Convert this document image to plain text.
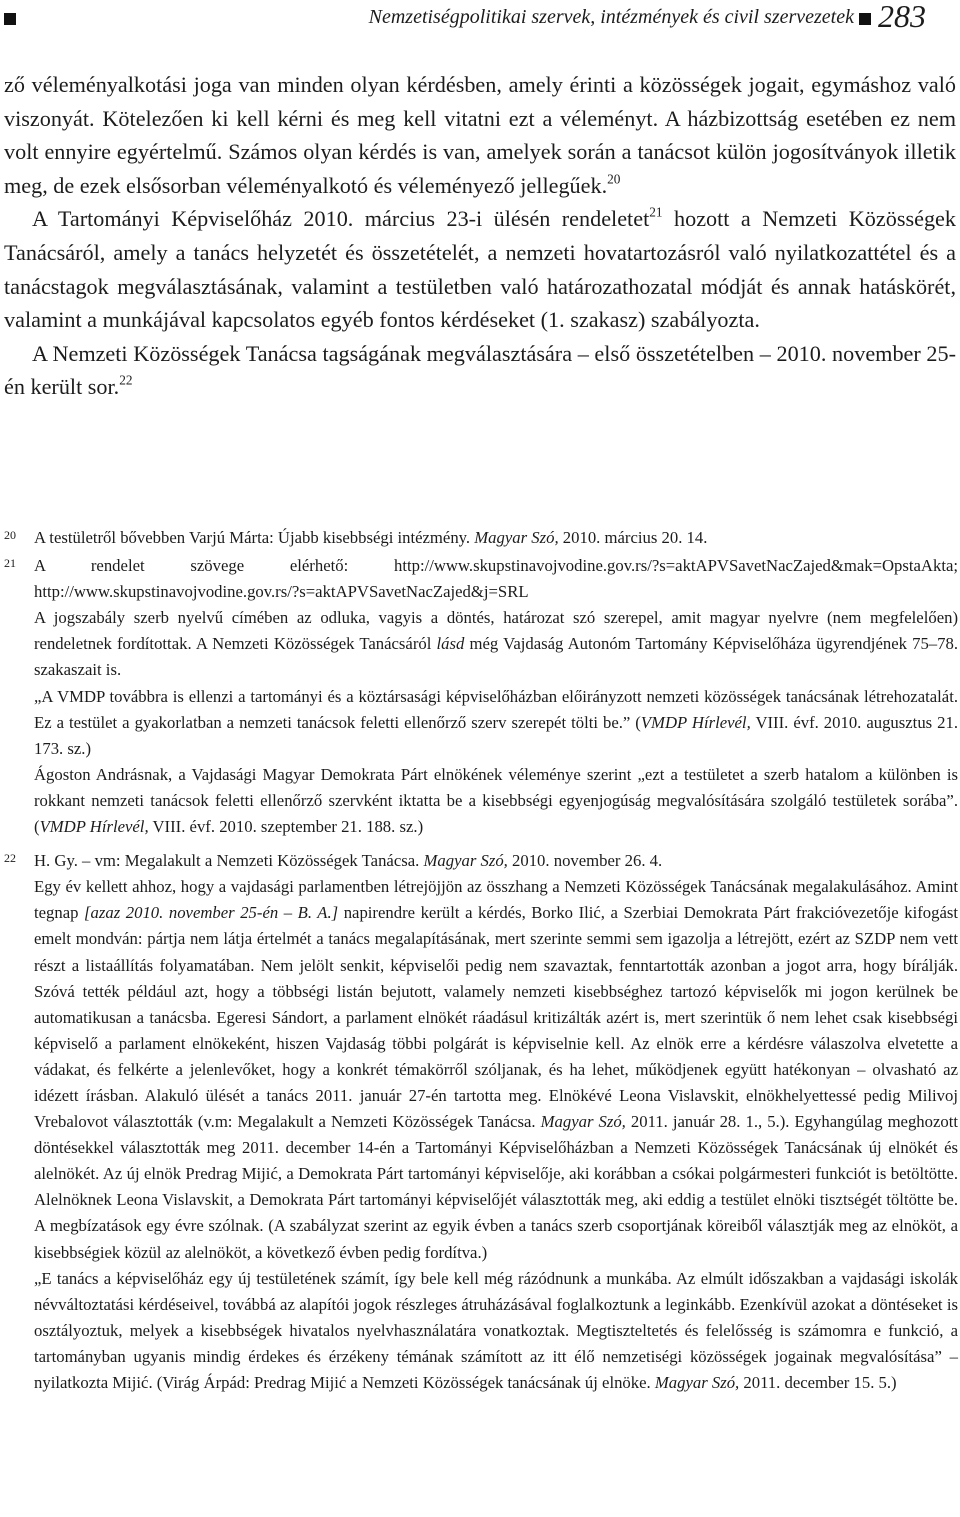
Nemzetiségpolitikai szervek, intézmények és civil szervezetek 283

ző véleményalkotási joga van minden olyan kérdésben, amely érinti a közösségek jogait, egymáshoz való viszonyát. Kötelezően ki kell kérni és meg kell vitatni ezt a véleményt. A házbizottság esetében ez nem volt ennyire egyértelmű. Számos olyan kérdés is van, amelyek során a tanácsot külön jogosítványok illetik meg, de ezek elsősorban véleményalkotó és véleményező jellegűek.$^{20}$

A Tartományi Képviselőház 2010. március 23-i ülésén rendeletet$^{21}$ hozott a Nemzeti Közösségek Tanácsáról, amely a tanács helyzetét és összetételét, a nemzeti hovatartozásról való nyilatkozattétel és a tanácstagok megválasztásának, valamint a testületben való határozathozatal módját és annak hatáskörét, valamint a munkájával kapcsolatos egyéb fontos kérdéseket (1. szakasz) szabályozta.

A Nemzeti Közösségek Tanácsa tagságának megválasztására – első összetételben – 2010. november 25-én került sor.$^{22}$

20 A testületről bővebben Varjú Márta: Újabb kisebbségi intézmény. Magyar Szó, 2010. március 20. 14.

21 A rendelet szövege elérhető: http://www.skupstinavojvodine.gov.rs/?s=aktAPVSavetNacZajed&mak=OpstaAkta; http://www.skupstinavojvodine.gov.rs/?s=aktAPVSavetNacZajed&j=SRL

A jogszabály szerb nyelvű címében az odluka, vagyis a döntés, határozat szó szerepel, amit magyar nyelvre (nem megfelelően) rendeletnek fordítottak. A Nemzeti Közösségek Tanácsáról lásd még Vajdaság Autonóm Tartomány Képviselőháza ügyrendjének 75–78. szakaszait is.

„A VMDP továbbra is ellenzi a tartományi és a köztársasági képviselőházban előirányzott nemzeti közösségek tanácsának létrehozatalát. Ez a testület a gyakorlatban a nemzeti tanácsok feletti ellenőrző szerv szerepét tölti be.” (VMDP Hírlevél, VIII. évf. 2010. augusztus 21. 173. sz.)

Ágoston Andrásnak, a Vajdasági Magyar Demokrata Párt elnökének véleménye szerint „ezt a testületet a szerb hatalom a különben is rokkant nemzeti tanácsok feletti ellenőrző szervként iktatta be a kisebbségi egyenjogúság megvalósítására szolgáló testületek sorába”. (VMDP Hírlevél, VIII. évf. 2010. szeptember 21. 188. sz.)

22 H. Gy. – vm: Megalakult a Nemzeti Közösségek Tanácsa. Magyar Szó, 2010. november 26. 4.

Egy év kellett ahhoz, hogy a vajdasági parlamentben létrejöjjön az összhang a Nemzeti Közösségek Tanácsának megalakulásához. Amint tegnap [azaz 2010. november 25-én – B. A.] napirendre került a kérdés, Borko Ilić, a Szerbiai Demokrata Párt frakcióvezetője kifogást emelt mondván: pártja nem látja értelmét a tanács megalapításának, mert szerinte semmi sem igazolja a létrejött, ezért az SZDP nem vett részt a listaállítás folyamatában. Nem jelölt senkit, képviselői pedig nem szavaztak, fenntartották azonban a jogot arra, hogy bírálják. Szóvá tették például azt, hogy a többségi listán bejutott, valamely nemzeti kisebbséghez tartozó képviselők mi jogon kerülnek be automatikusan a tanácsba. Egeresi Sándort, a parlament elnökét ráadásul kritizálták azért is, mert szerintük ő nem lehet csak kisebbségi képviselő a parlament elnökeként, hiszen Vajdaság többi polgárát is képviselnie kell. Az elnök erre a kérdésre válaszolva elvetette a vádakat, és felkérte a jelenlevőket, hogy a konkrét témakörről szóljanak, és ha lehet, működjenek együtt hatékonyan – olvasható az idézett írásban. Alakuló ülését a tanács 2011. január 27-én tartotta meg. Elnökévé Leona Vislavskit, elnökhelyettessé pedig Milivoj Vrebalovot választották (v.m: Megalakult a Nemzeti Közösségek Tanácsa. Magyar Szó, 2011. január 28. 1., 5.). Egyhangúlag meghozott döntésekkel választották meg 2011. december 14-én a Tartományi Képviselőházban a Nemzeti Közösségek Tanácsának új elnökét és alelnökét. Az új elnök Predrag Mijić, a Demokrata Párt tartományi képviselője, aki korábban a csókai polgármesteri funkciót is betöltötte. Alelnöknek Leona Vislavskit, a Demokrata Párt tartományi képviselőjét választották meg, aki eddig a testület elnöki tisztségét töltötte be. A megbízatások egy évre szólnak. (A szabályzat szerint az egyik évben a tanács szerb csoportjának köreiből választják meg az elnököt, a kisebbségiek közül az alelnököt, a következő évben pedig fordítva.)

„E tanács a képviselőház egy új testületének számít, így bele kell még rázódnunk a munkába. Az elmúlt időszakban a vajdasági iskolák névváltoztatási kérdéseivel, továbbá az alapítói jogok részleges átruházásával foglalkoztunk a leginkább. Ezenkívül azokat a döntéseket is osztályoztuk, melyek a kisebbségek hivatalos nyelvhasználatára vonatkoztak. Megtiszteltetés és felelősség is számomra e funkció, a tartományban ugyanis mindig érdekes és érzékeny témának számított az itt élő nemzetiségi közösségek jogainak megvalósítása” – nyilatkozta Mijić. (Virág Árpád: Predrag Mijić a Nemzeti Közösségek tanácsának új elnöke. Magyar Szó, 2011. december 15. 5.)
